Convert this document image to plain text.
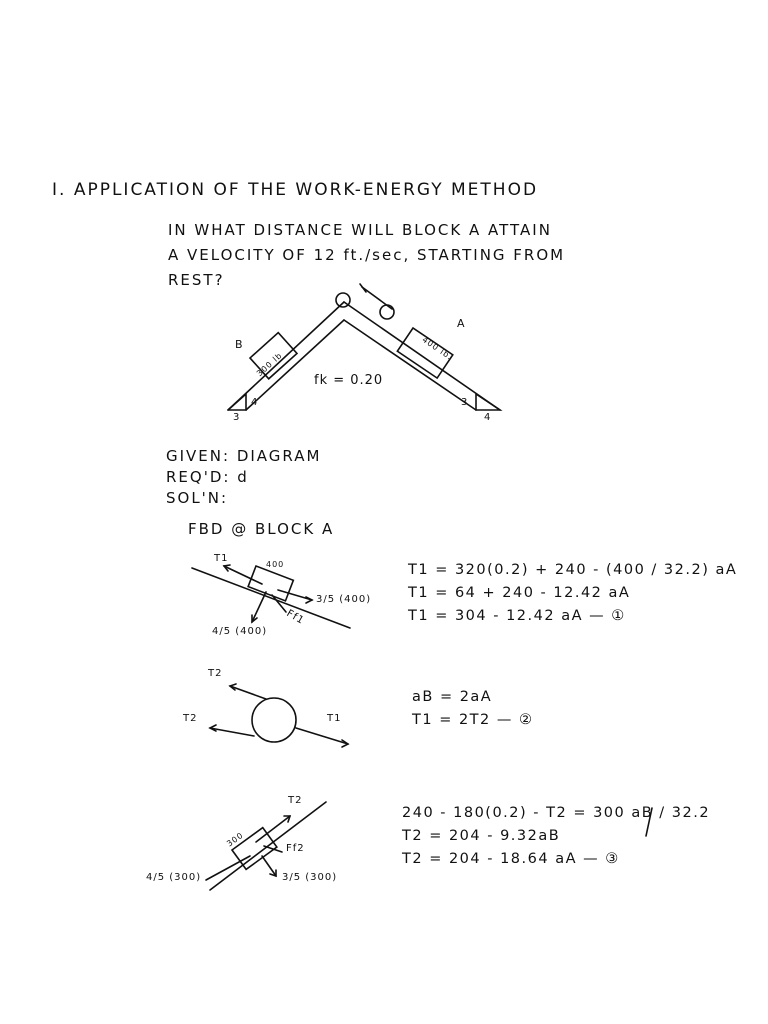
I. APPLICATION OF THE WORK-ENERGY METHOD
IN WHAT DISTANCE WILL BLOCK A ATTAIN
A VELOCITY OF 12 ft./sec, STARTING FROM
REST?
B
300 lb
A
400 lb.
fk = 0.20
4
3
3
4
GIVEN: DIAGRAM
REQ'D: d
SOL'N:
FBD @ BLOCK A
T1
400
3/5 (400)
4/5 (400)
Ff1
T1 = 320(0.2) + 240 - (400 / 32.2) aA
T1 = 64 + 240 - 12.42 aA
T1 = 304 - 12.42 aA — ①
T2
T2	T1
aB = 2aA
T1 = 2T2 — ②
T2
300	Ff2
4/5 (300)	3/5 (300)
240 - 180(0.2) - T2 = 300 aB / 32.2
T2 = 204 - 9.32aB
T2 = 204 - 18.64 aA — ③
